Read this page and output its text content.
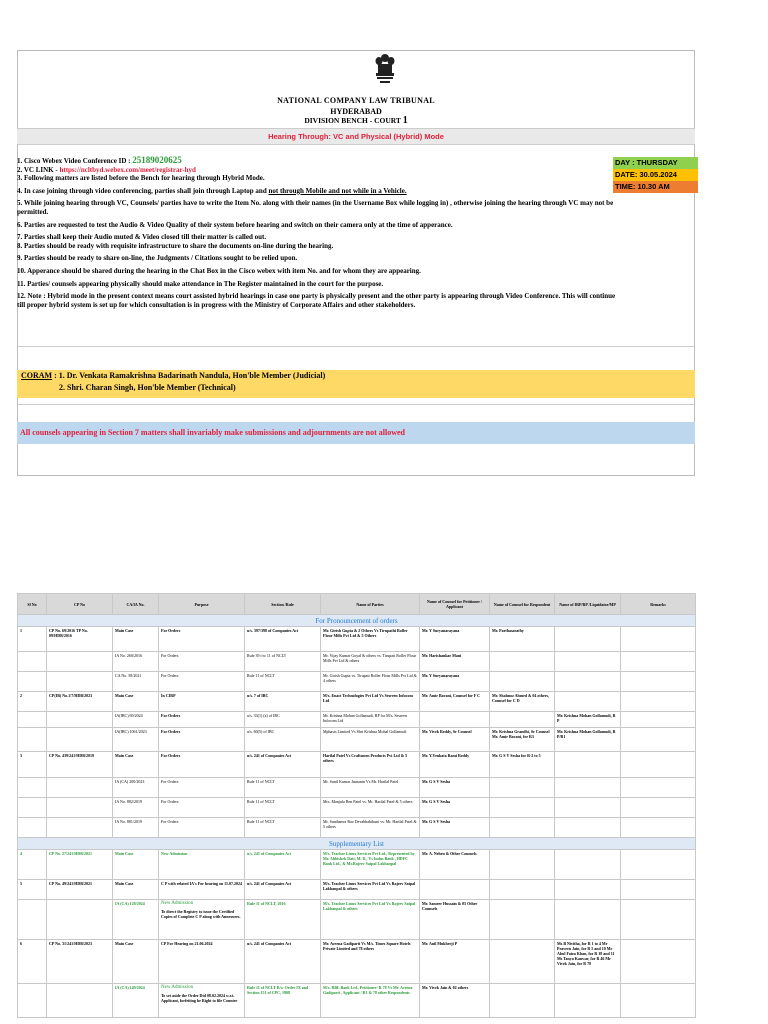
NATIONAL COMPANY LAW TRIBUNAL
HYDERABAD
DIVISION BENCH - COURT 1
Hearing Through: VC and Physical (Hybrid) Mode
DAY : THURSDAY
DATE: 30.05.2024
TIME: 10.30 AM

1. Cisco Webex Video Conference ID : 25189020625

2. VC LINK - https://ncltbyd.webex.com/meet/registrar-hyd

3. Following matters are listed before the Bench for hearing through Hybrid Mode.

4. In case joining through video conferencing, parties shall join through Laptop and not through Mobile and not while in a Vehicle.

5. While joining hearing through VC, Counsels/ parties have to write the Item No. along with their names (in the Username Box while logging in) , otherwise joining the hearing through VC may not be permitted.

6. Parties are requested to test the Audio & Video Quality of their system before hearing and switch on their camera only at the time of apperance.

7. Parties shall keep their Audio muted & Video closed till their matter is called out.

8. Parties should be ready with requisite infrastructure to share the documents on-line during the hearing.

9. Parties should be ready to share on-line, the Judgments / Citations sought to be relied upon.

10. Apperance should be shared during the hearing in the Chat Box in the Cisco webex with item No. and for whom they are appearing.

11. Parties/ counsels appearing physically should make attendance in The Register maintained in the court for the purpose.

12. Note : Hybrid mode in the present context means court assisted hybrid hearings in case one party is physically present and the other party is appearing through Video Conference. This will continue till proper hybrid system is set up for which consultation is in progress with the Ministry of Corporate Affairs and other stakeholders.

CORAM : 1. Dr. Venkata Ramakrishna Badarinath Nandula, Hon'ble Member (Judicial)
2. Shri. Charan Singh, Hon'ble Member (Technical)
All counsels appearing in Section 7 matters shall invariably make submissions and adjournments are not allowed
Sl No	CP No	CA/IA No.	Purpose	Section /Rule	Name of Parties	Name of Counsel for Petitioner / Applicant	Name of Counsel for Respondent	Name of IRP/RP /Liquidator/MP	Remarks
For Pronouncement of orders									
1	CP No. 69/2016 TP No. 09/HDB/2016	Main Case	For Orders	u/s. 397/398 of Companies Act	Mr. Girish Gupta & 2 Others Vs Tirupathi Roller Flour Mills Pvt Ltd & 5 Others	Mr. Y Suryanarayana	Mr. Parthasarathy		
		IA No. 260/2016	For Orders	Rule 39 r/w 11 of NCLT	Mr. Vijay Kumar Goyal & others vs. Tirupati Roller Flour Mills Pvt Ltd & others	Mr. Harishankar Mani			
		CA No. 58/2021	For Orders	Rule 11 of NCLT	Mr. Girish Gupta vs. Tirupati Roller Flour Mills Pvt Ltd & 4 others	Mr. Y Suryanarayana			
2	CP(IB) No.1/7/HDB/2023	Main Case	In CIRP	u/s. 7 of IBC	M/s. Enact Technologies Pvt Ltd Vs Sesreen Infocom Ltd	Mr. Amir Bavani, Counsel for F C	Mr. Shahnoz Ahmed & 04 others, Counsel for C D		
		IA(IBC) 69/2024	For Orders	u/s. 33(1) (a) of IBC	Mr. Krishna Mohan Gollamudi, RP for M/s. Sesreen Infocom Ltd			Mr. Krishna Mohan Gollamudi, R P	
		IA(IBC) 1061/2023	For Orders	u/s. 60(5) of IBC	Mphasis Limited Vs Shri Krishna Mohal Gollamudi	Mr. Vivek Reddy, Sr Counsel	Mr. Krishna Grandhi, Sr Counsel Mr. Amir Bavani, for R3	Mr. Krishna Mohan Gollamudi, R P/R1	
3	CP No. 439/241/HDB/2019	Main Case	For Orders	u/s. 241 of Companies Act	Harilal Patel Vs Craftsmen Products Pvt Ltd & 5 others	Mr. Y.Venkata Rami Reddy	Mr. G S V Sesha for R-2 to 5		
		IA (CA) 200/2023	For Orders	Rule 11 of NCLT	Mr. Sunil Kumar Jasnanin Vs Mr. Harilal Patel	Mr. G S V Sesha			
		IA No. 882/2019	For Orders	Rule 11 of NCLT	Mrs. Manjula Ben Patel vs. Mr. Harilal Patel & 5 others	Mr. G S V Sesha			
		IA No. 881/2019	For Orders	Rule 11 of NCLT	Mr. Santhanva Rao Devabhakthuni vs. Mr. Harilal Patel & 5 others	Mr. G S V Sesha			
Supplementary List									
4	CP No. 27/241/HDB/2021	Main Case	New Admission	u/s. 241 of Companies Act	M/s. Teachee Linux Services Pvt Ltd., Represented by Mr. Abhishek Datt, M. D., Vs Indus Bank , HDFC Bank Ltd., & Mr.Rajeev Satpal Lakhanpal	Mr. A. Nehru & Other Counsels			
5	CP No. 49/241/HDB/2021	Main Case	C P with related IA's For hearing on 11.07.2024	u/s. 241 of Companies Act	M/s. Teachee Linux Services Pvt Ltd Vs Rajeev Satpal Lakhanpal & others				
		IA (CA) 129/2024	New Admission
To direct the Registry to issue the Certified Copies of Complete C P along with Annexures.	Rule 11 of NCLT, 2016	M/s. Teachee Linux Services Pvt Ltd Vs Rajeev Satpal Lakhanpal & others	Mr. Sameer Hussain & 05 Other Counsels			
6	CP No. 31/241/HDB/2023	Main Case	CP For Hearing on 21.06.2024	u/s. 241 of Companies Act	Mr. Aveena Gadiparti Vs M/s. Times Square Hotels Private Limited and 78 others	Mr. Anil Mukherji P		Ms B Nivitha, for R 1 to 4 Mr Praveen Jain, for R 5 and 10 Mr Abul Faiza Khan, for R 18 and 11 Ms Tanya Kanwar, for R 46 Mr Vivek Jain, for R 78	
		IA (CA) 149/2024	New Admission
To set aside the Order Dtd 08.02.2024 w.r.t. Applicant, forfeiting he Right to file Counter	Rule 11 of NCLT R/w Order IX and Section 151 of CPC, 1908	M/s. RBL Bank Ltd., Petitioner/ R 78 Vs Mr. Aveena Gadiparti , Applicant / R1 & 78 other Respondents	Mr. Vivek Jain & 02 others			
